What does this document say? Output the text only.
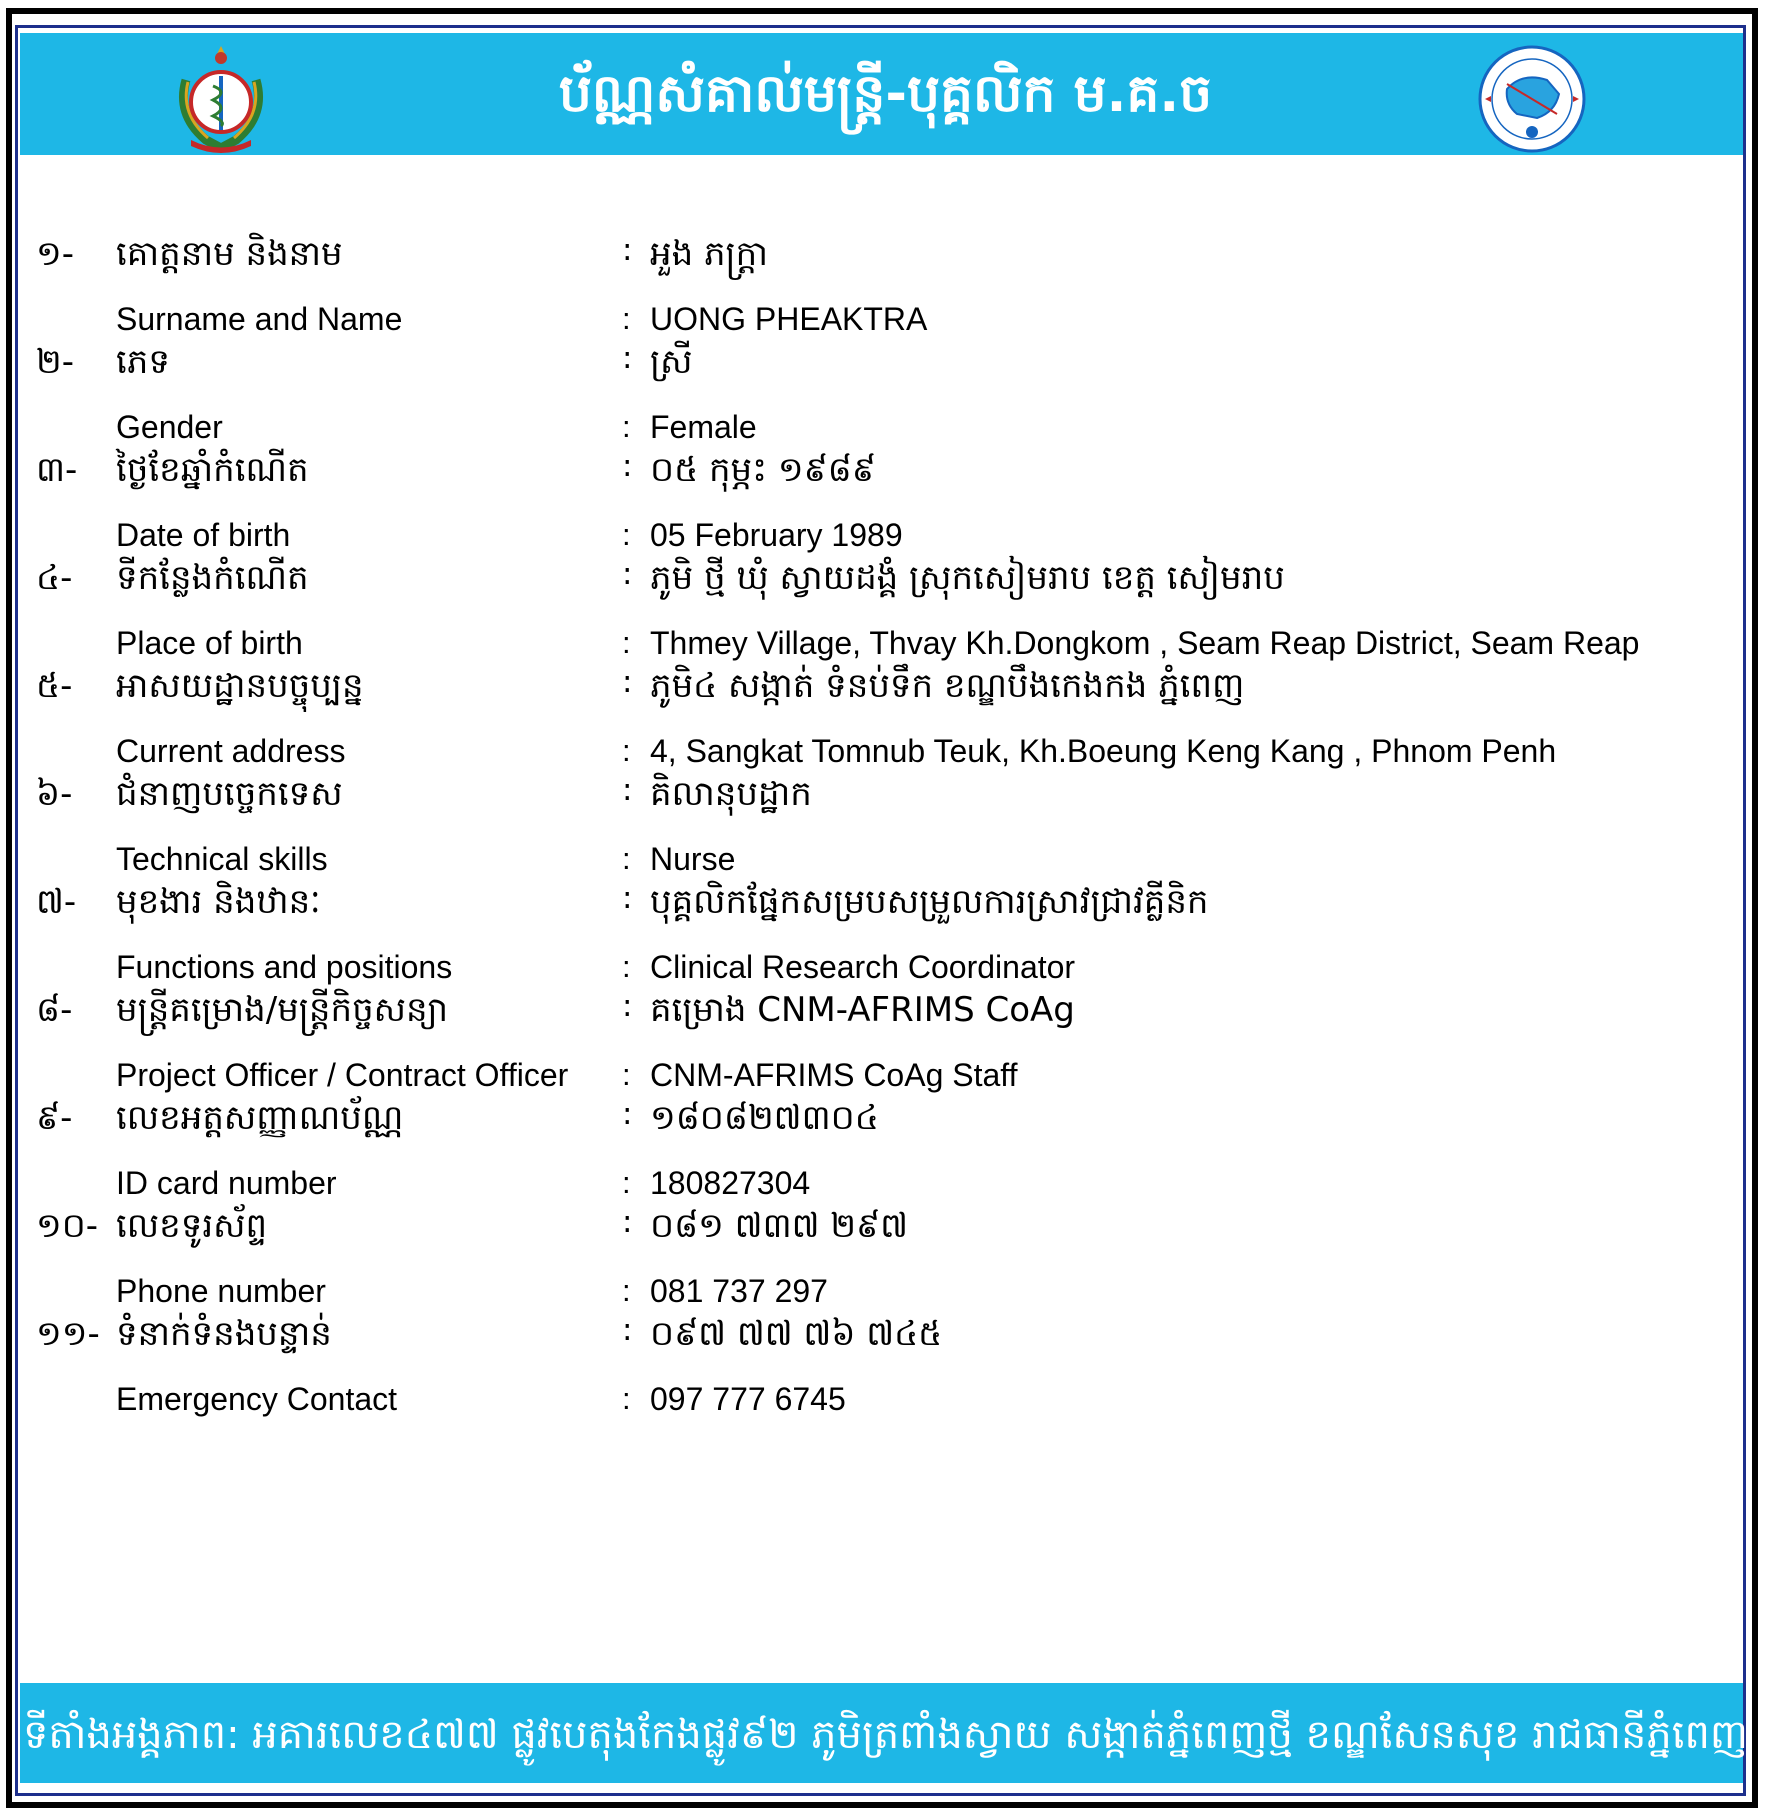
ប័ណ្ណសំគាល់មន្ត្រី-បុគ្គលិក ម.គ.ច
១- គោត្តនាម និងនាម	: អួង ភក្ត្រា
Surname and Name	: UONG PHEAKTRA
២- ភេទ	: ស្រី
Gender	: Female
៣- ថ្ងៃខែឆ្នាំកំណើត	: ០៥ កុម្ភះ ១៩៨៩
Date of birth	: 05 February 1989
៤- ទីកន្លែងកំណើត	: ភូមិ ថ្មី ឃុំ ស្វាយដង្គំ ស្រុកសៀមរាប ខេត្ត សៀមរាប
Place of birth	: Thmey Village, Thvay Kh.Dongkom , Seam Reap District, Seam Reap
៥- អាសយដ្ឋានបច្ចុប្បន្ន	: ភូមិ៤ សង្កាត់ ទំនប់ទឹក ខណ្ឌបឹងកេងកង ភ្នំពេញ
Current address	: 4, Sangkat Tomnub Teuk, Kh.Boeung Keng Kang , Phnom Penh
៦- ជំនាញបច្ចេកទេស	: គិលានុបដ្ឋាក
Technical skills	: Nurse
៧- មុខងារ និងឋានៈ	: បុគ្គលិកផ្នែកសម្របសម្រួលការស្រាវជ្រាវគ្លីនិក
Functions and positions	: Clinical Research Coordinator
៨- មន្ត្រីគម្រោង/មន្ត្រីកិច្ចសន្យា	: គម្រោង CNM-AFRIMS CoAg
Project Officer / Contract Officer : CNM-AFRIMS CoAg Staff
៩- លេខអត្តសញ្ញាណប័ណ្ណ	: ១៨០៨២៧៣០៤
ID card number	: 180827304
១០- លេខទូរស័ព្ទ	: ០៨១ ៧៣៧ ២៩៧
Phone number	: 081 737 297
១១- ទំនាក់ទំនងបន្ទាន់	: ០៩៧ ៧៧ ៧៦ ៧៤៥
Emergency Contact	: 097 777 6745
ទីតាំងអង្គភាព: អគារលេខ៤៧៧ ផ្លូវបេតុងកែងផ្លូវ៩២ ភូមិត្រពាំងស្វាយ សង្កាត់ភ្នំពេញថ្មី ខណ្ឌសែនសុខ រាជធានីភ្នំពេញ
